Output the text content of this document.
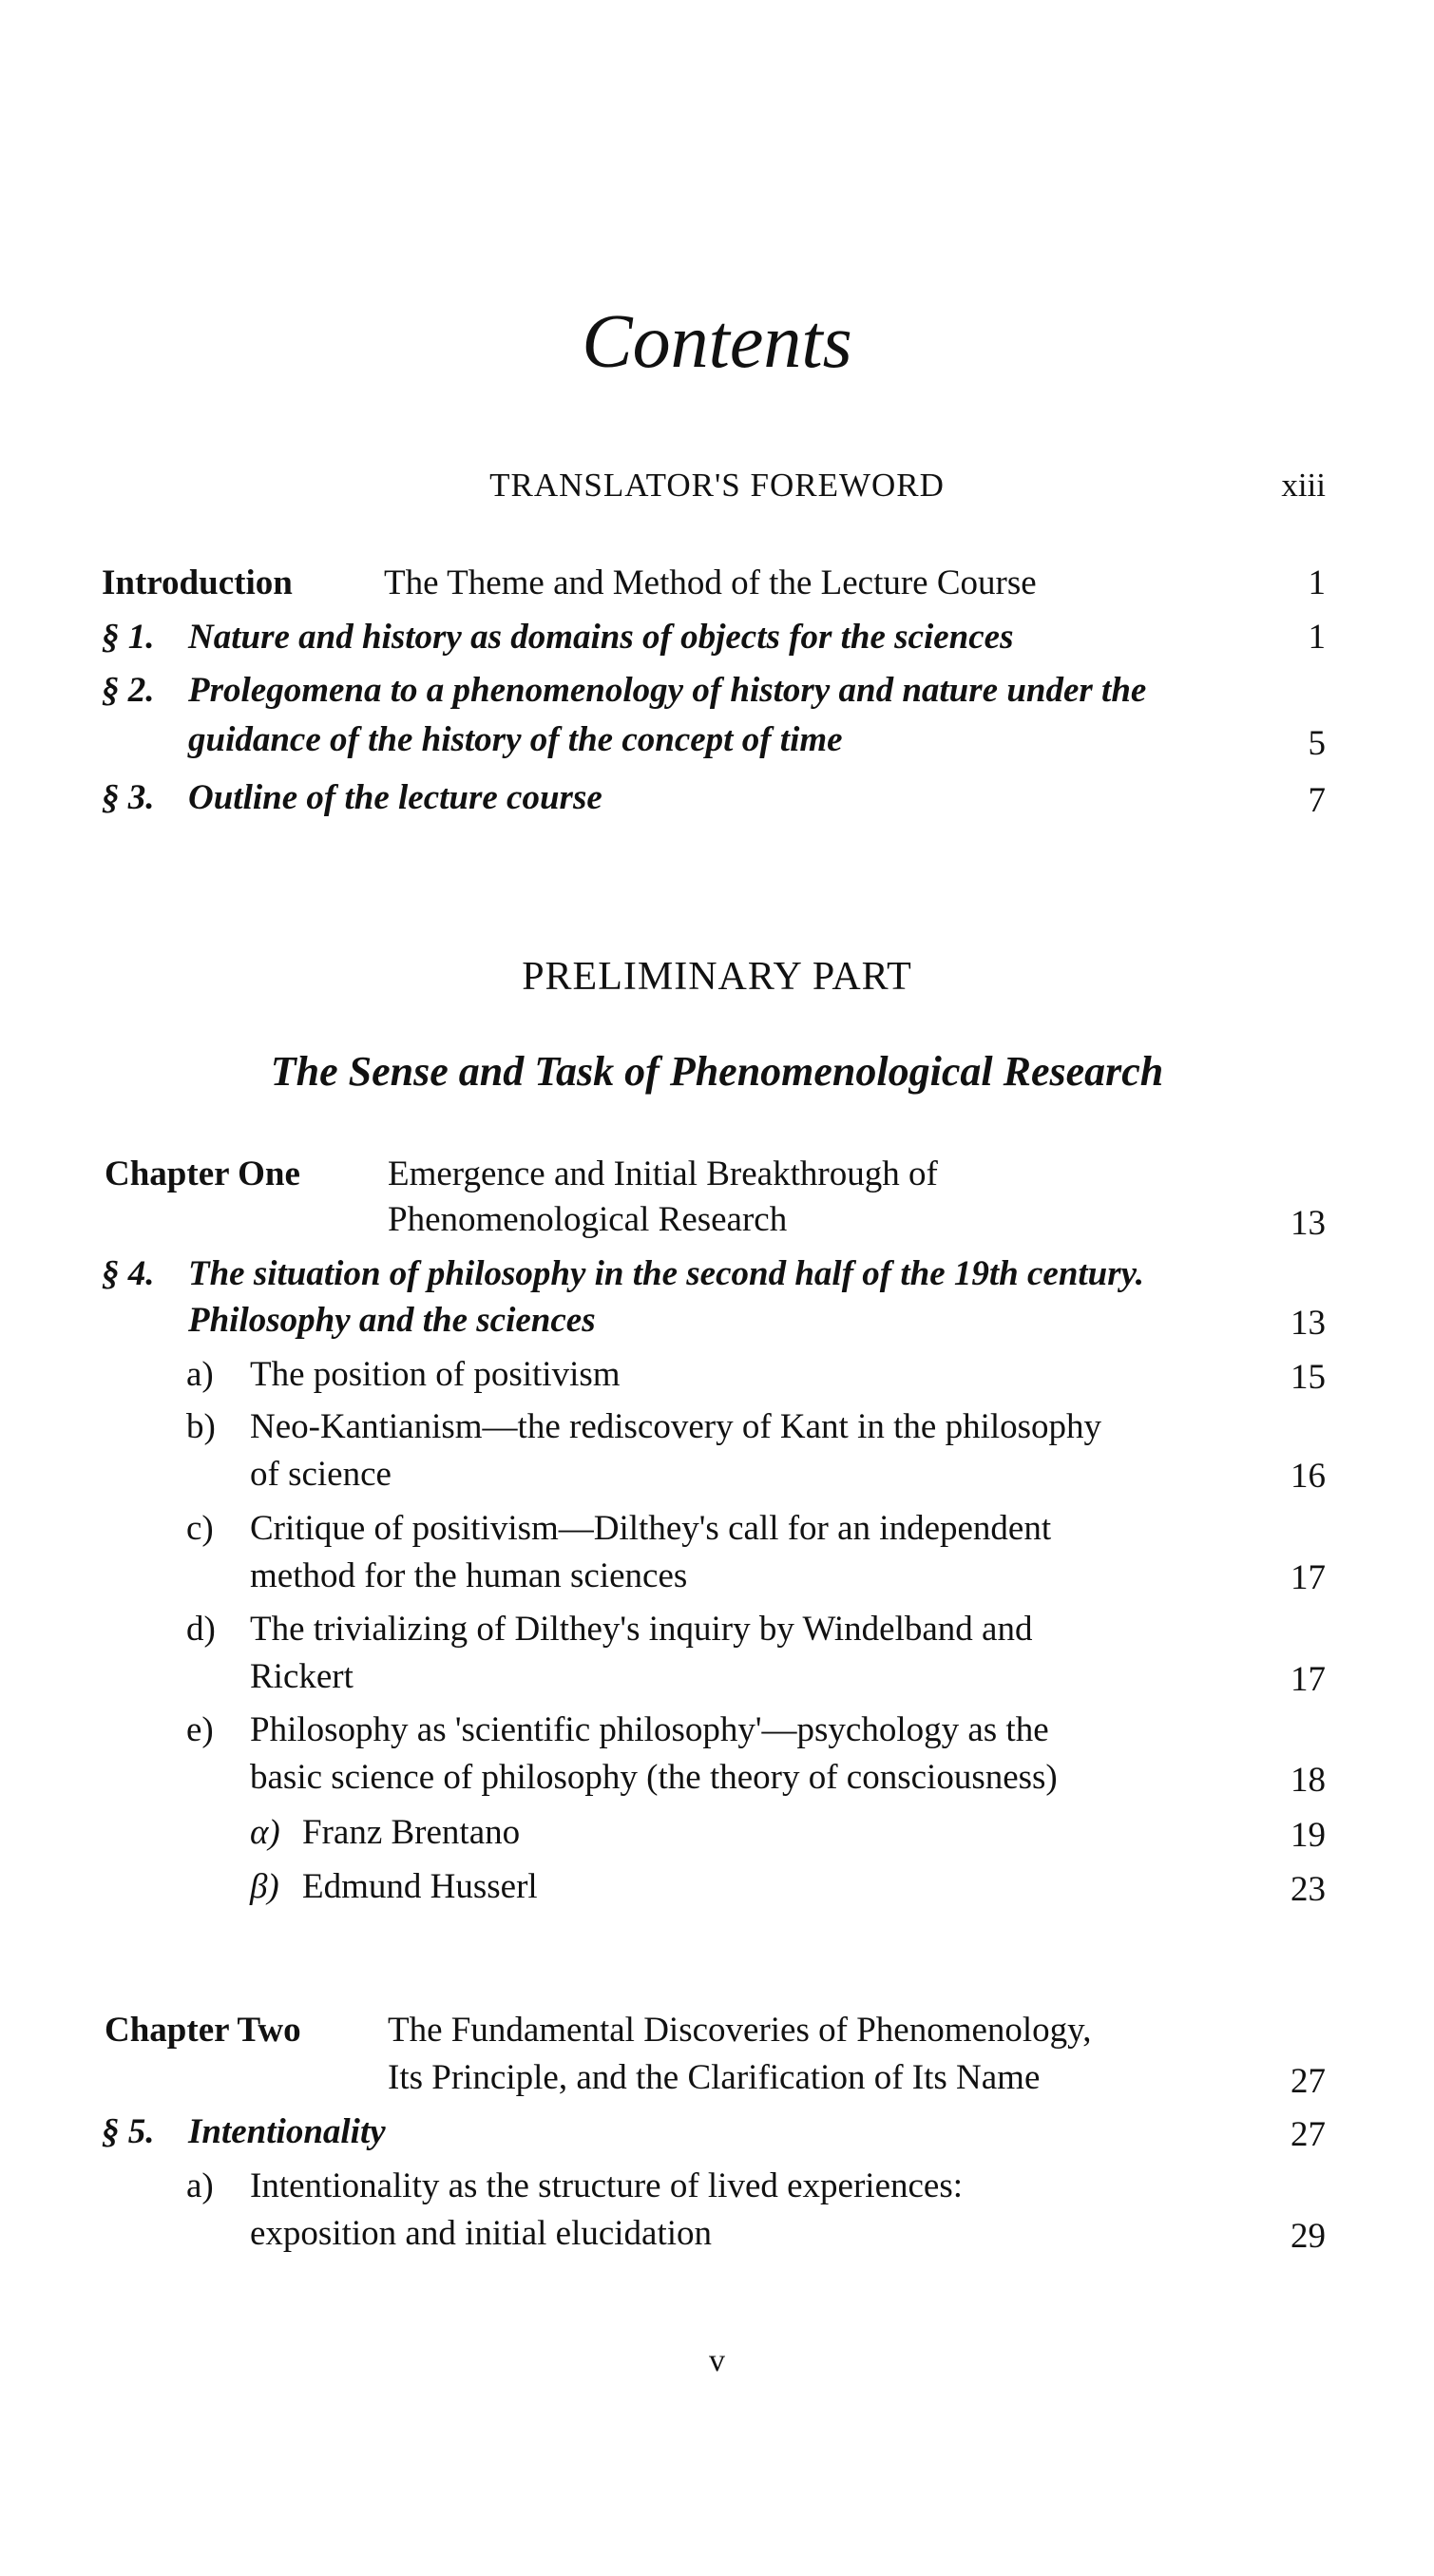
Contents
TRANSLATOR'S FOREWORD	xiii
Introduction	The Theme and Method of the Lecture Course	1
§ 1. Nature and history as domains of objects for the sciences	1
§ 2. Prolegomena to a phenomenology of history and nature under the
guidance of the history of the concept of time	5
§ 3. Outline of the lecture course	7
PRELIMINARY PART
The Sense and Task of Phenomenological Research
Chapter One Emergence and Initial Breakthrough of
Phenomenological Research	13
§ 4. The situation of philosophy in the second half of the 19th century.
Philosophy and the sciences	13
a) The position of positivism	15
b) Neo-Kantianism—the rediscovery of Kant in the philosophy
of science	16
c) Critique of positivism—Dilthey's call for an independent
method for the human sciences	17
d) The trivializing of Dilthey's inquiry by Windelband and
Rickert	17
e) Philosophy as 'scientific philosophy'—psychology as the
basic science of philosophy (the theory of consciousness)	18
α) Franz Brentano	19
β) Edmund Husserl	23
Chapter Two The Fundamental Discoveries of Phenomenology,
Its Principle, and the Clarification of Its Name	27
§ 5. Intentionality	27
a) Intentionality as the structure of lived experiences:
exposition and initial elucidation	29
v
